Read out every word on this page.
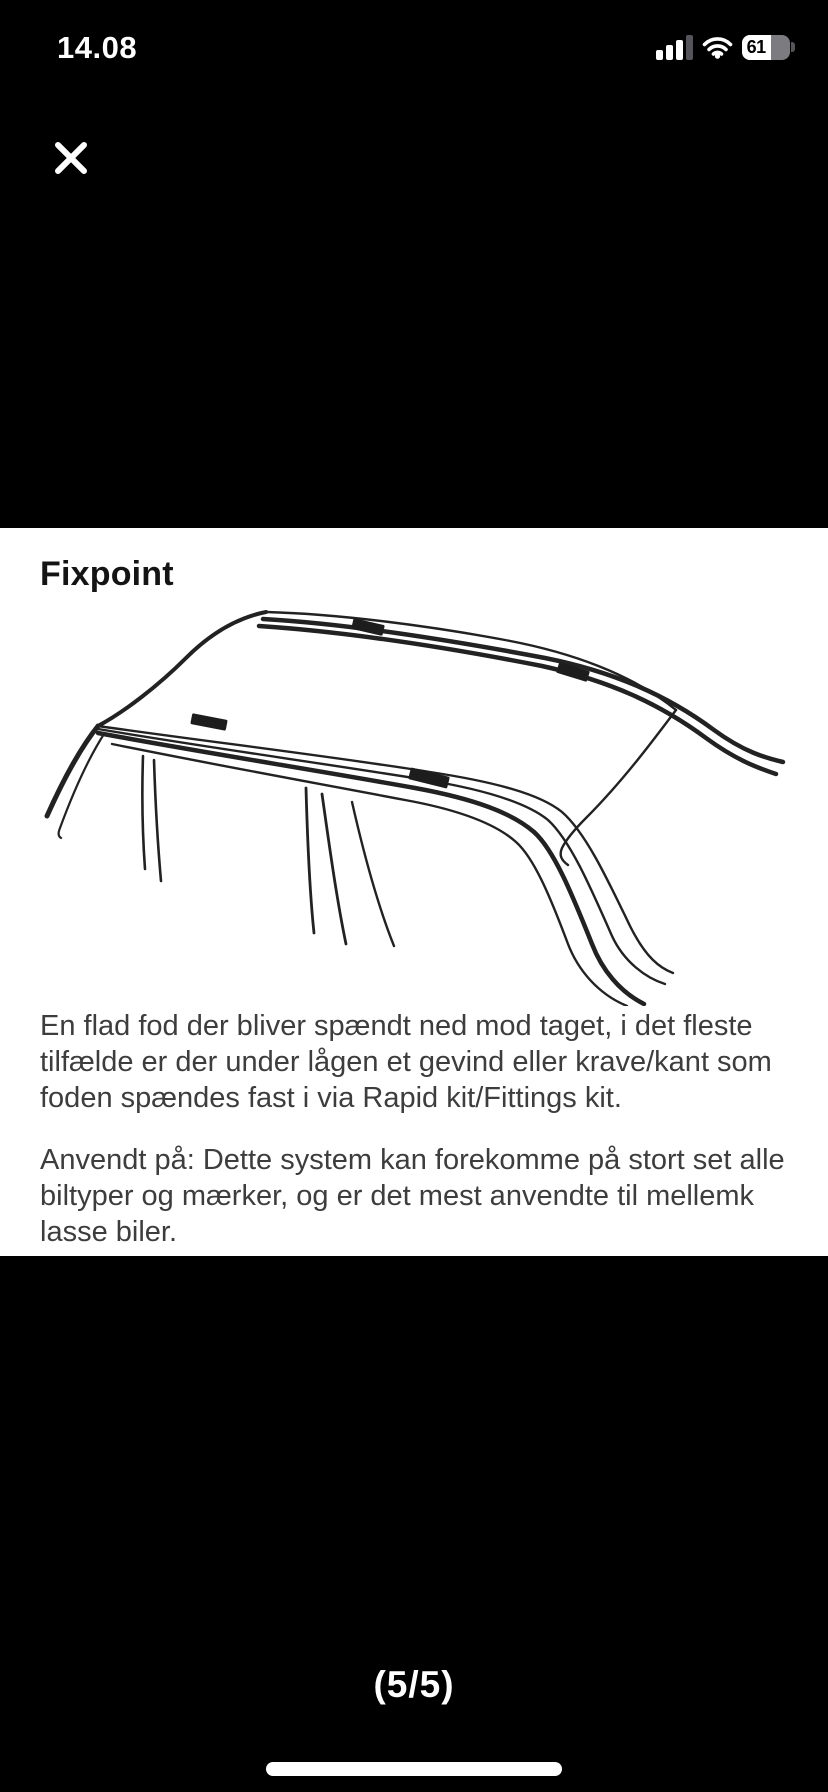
14.08	61
Fixpoint

En flad fod der bliver spændt ned mod taget, i det fleste
tilfælde er der under lågen et gevind eller krave/kant som
foden spændes fast i via Rapid kit/Fittings kit.

Anvendt på: Dette system kan forekomme på stort set alle
biltyper og mærker, og er det mest anvendte til mellemk
lasse biler.

(5/5)
